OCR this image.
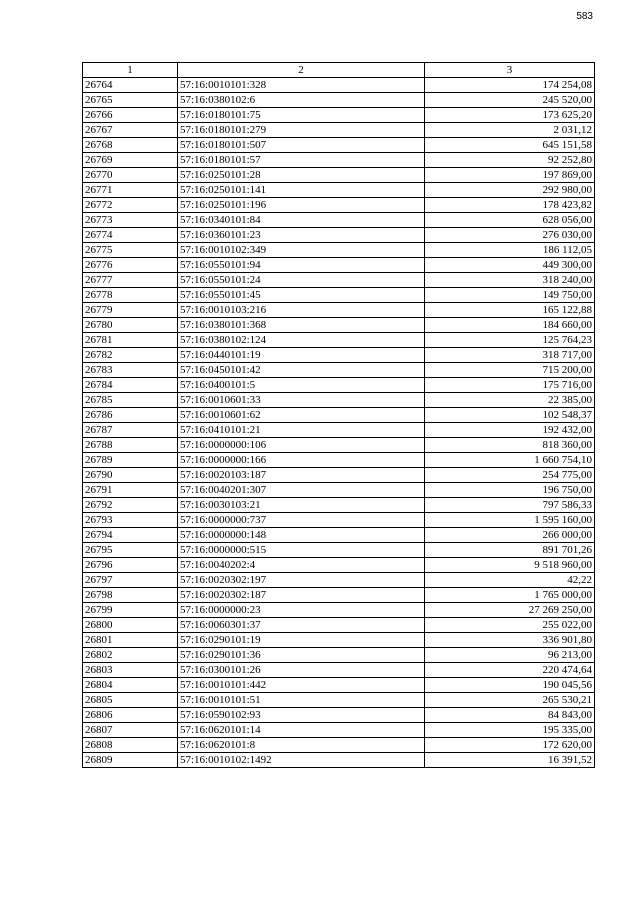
583
1	2	3
26764	57:16:0010101:328	174 254,08
26765	57:16:0380102:6	245 520,00
26766	57:16:0180101:75	173 625,20
26767	57:16:0180101:279	2 031,12
26768	57:16:0180101:507	645 151,58
26769	57:16:0180101:57	92 252,80
26770	57:16:0250101:28	197 869,00
26771	57:16:0250101:141	292 980,00
26772	57:16:0250101:196	178 423,82
26773	57:16:0340101:84	628 056,00
26774	57:16:0360101:23	276 030,00
26775	57:16:0010102:349	186 112,05
26776	57:16:0550101:94	449 300,00
26777	57:16:0550101:24	318 240,00
26778	57:16:0550101:45	149 750,00
26779	57:16:0010103:216	165 122,88
26780	57:16:0380101:368	184 660,00
26781	57:16:0380102:124	125 764,23
26782	57:16:0440101:19	318 717,00
26783	57:16:0450101:42	715 200,00
26784	57:16:0400101:5	175 716,00
26785	57:16:0010601:33	22 385,00
26786	57:16:0010601:62	102 548,37
26787	57:16:0410101:21	192 432,00
26788	57:16:0000000:106	818 360,00
26789	57:16:0000000:166	1 660 754,10
26790	57:16:0020103:187	254 775,00
26791	57:16:0040201:307	196 750,00
26792	57:16:0030103:21	797 586,33
26793	57:16:0000000:737	1 595 160,00
26794	57:16:0000000:148	266 000,00
26795	57:16:0000000:515	891 701,26
26796	57:16:0040202:4	9 518 960,00
26797	57:16:0020302:197	42,22
26798	57:16:0020302:187	1 765 000,00
26799	57:16:0000000:23	27 269 250,00
26800	57:16:0060301:37	255 022,00
26801	57:16:0290101:19	336 901,80
26802	57:16:0290101:36	96 213,00
26803	57:16:0300101:26	220 474,64
26804	57:16:0010101:442	190 045,56
26805	57:16:0010101:51	265 530,21
26806	57:16:0590102:93	84 843,00
26807	57:16:0620101:14	195 335,00
26808	57:16:0620101:8	172 620,00
26809	57:16:0010102:1492	16 391,52
